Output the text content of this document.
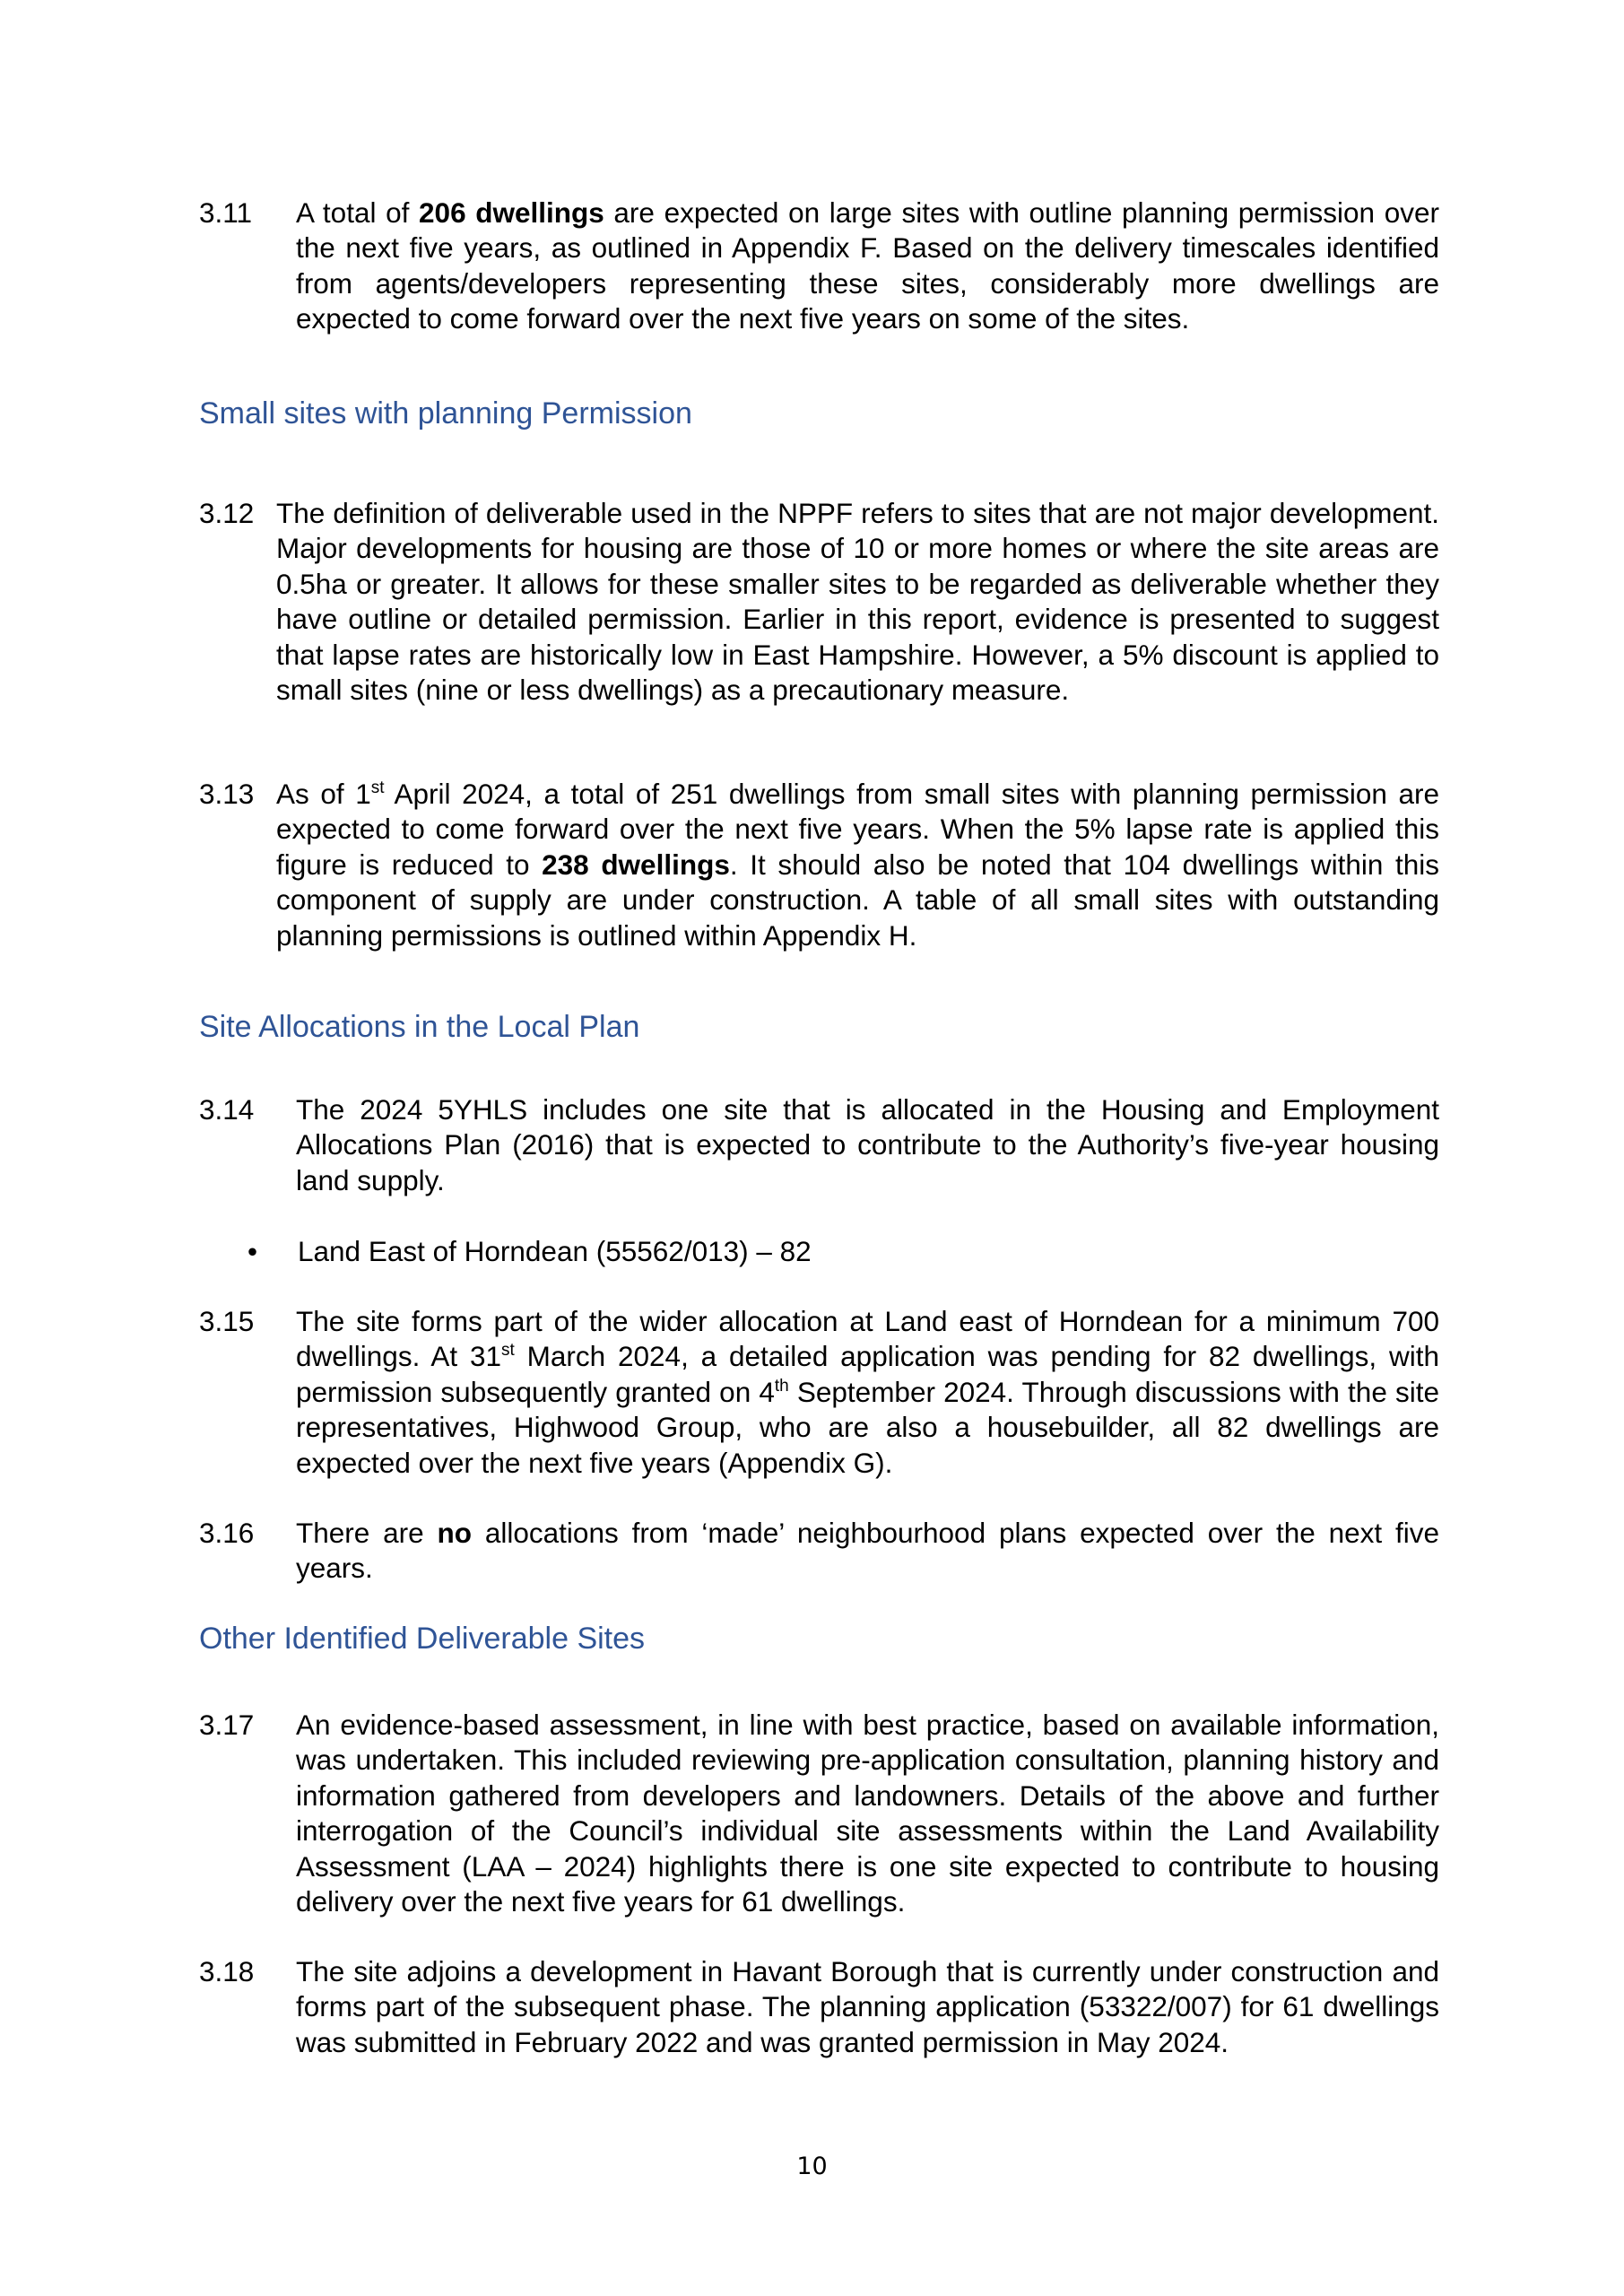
3.11	A total of 206 dwellings are expected on large sites with outline planning permission over the next five years, as outlined in Appendix F. Based on the delivery timescales identified from agents/developers representing these sites, considerably more dwellings are expected to come forward over the next five years on some of the sites.
Small sites with planning Permission
3.12 The definition of deliverable used in the NPPF refers to sites that are not major development. Major developments for housing are those of 10 or more homes or where the site areas are 0.5ha or greater. It allows for these smaller sites to be regarded as deliverable whether they have outline or detailed permission. Earlier in this report, evidence is presented to suggest that lapse rates are historically low in East Hampshire. However, a 5% discount is applied to small sites (nine or less dwellings) as a precautionary measure.
3.13 As of 1st April 2024, a total of 251 dwellings from small sites with planning permission are expected to come forward over the next five years. When the 5% lapse rate is applied this figure is reduced to 238 dwellings. It should also be noted that 104 dwellings within this component of supply are under construction. A table of all small sites with outstanding planning permissions is outlined within Appendix H.
Site Allocations in the Local Plan
3.14	The 2024 5YHLS includes one site that is allocated in the Housing and Employment Allocations Plan (2016) that is expected to contribute to the Authority’s five-year housing land supply.
• Land East of Horndean (55562/013) – 82
3.15	The site forms part of the wider allocation at Land east of Horndean for a minimum 700 dwellings. At 31st March 2024, a detailed application was pending for 82 dwellings, with permission subsequently granted on 4th September 2024. Through discussions with the site representatives, Highwood Group, who are also a housebuilder, all 82 dwellings are expected over the next five years (Appendix G).
3.16	There are no allocations from ‘made’ neighbourhood plans expected over the next five years.
Other Identified Deliverable Sites
3.17	An evidence-based assessment, in line with best practice, based on available information, was undertaken. This included reviewing pre-application consultation, planning history and information gathered from developers and landowners. Details of the above and further interrogation of the Council’s individual site assessments within the Land Availability Assessment (LAA – 2024) highlights there is one site expected to contribute to housing delivery over the next five years for 61 dwellings.
3.18	The site adjoins a development in Havant Borough that is currently under construction and forms part of the subsequent phase. The planning application (53322/007) for 61 dwellings was submitted in February 2022 and was granted permission in May 2024.
10
